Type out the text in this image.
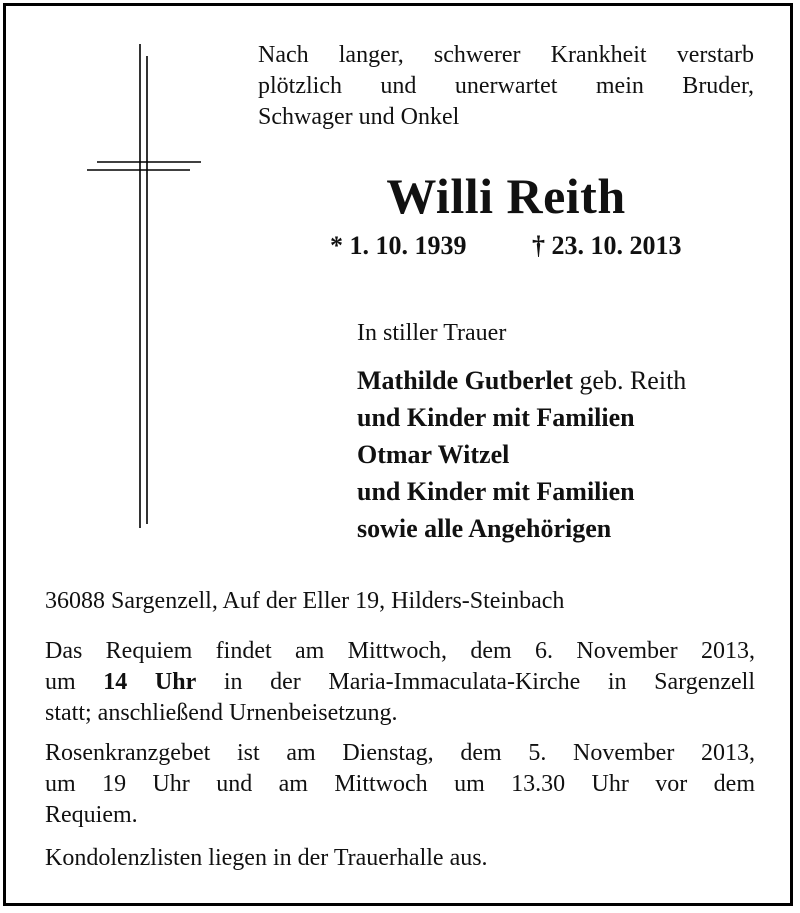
Nach langer, schwerer Krankheit verstarb
plötzlich und unerwartet mein Bruder,
Schwager und Onkel
Willi Reith
* 1. 10. 1939	† 23. 10. 2013
In stiller Trauer
Mathilde Gutberlet geb. Reith
und Kinder mit Familien
Otmar Witzel
und Kinder mit Familien
sowie alle Angehörigen
36088 Sargenzell, Auf der Eller 19, Hilders-Steinbach
Das Requiem findet am Mittwoch, dem 6. November 2013,
um 14 Uhr in der Maria-Immaculata-Kirche in Sargenzell
statt; anschließend Urnenbeisetzung.
Rosenkranzgebet ist am Dienstag, dem 5. November 2013,
um 19 Uhr und am Mittwoch um 13.30 Uhr vor dem
Requiem.
Kondolenzlisten liegen in der Trauerhalle aus.
